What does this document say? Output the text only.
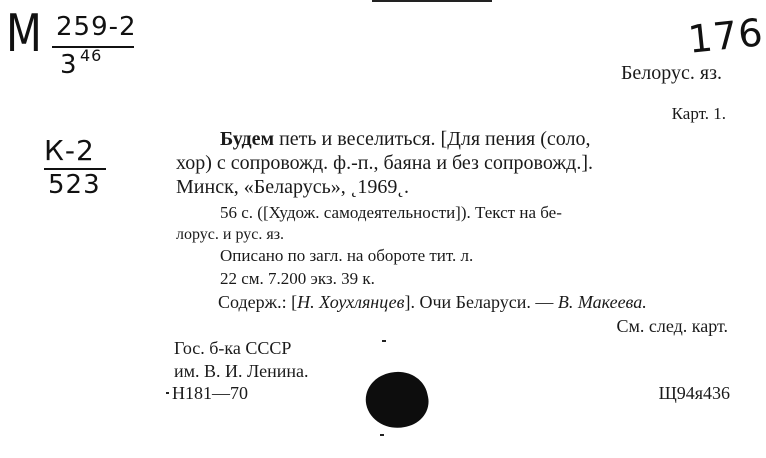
М 259-2
3 46	176
К-2
523
Белорус. яз.
Карт. 1.
Будем петь и веселиться. [Для пения (соло,
хор) с сопровожд. ф.-п., баяна и без сопровожд.].
Минск, «Беларусь», ˛1969˛.
56 с. ([Худож. самодеятельности]). Текст на бе-
лорус. и рус. яз.
Описано по загл. на обороте тит. л.
22 см. 7.200 экз. 39 к.
Содерж.: [Н. Хоухлянцев]. Очи Беларуси. — В. Макеева.
См. след. карт.
Гос. б-ка СССР
им. В. И. Ленина.
Н181—70	Щ94я436
